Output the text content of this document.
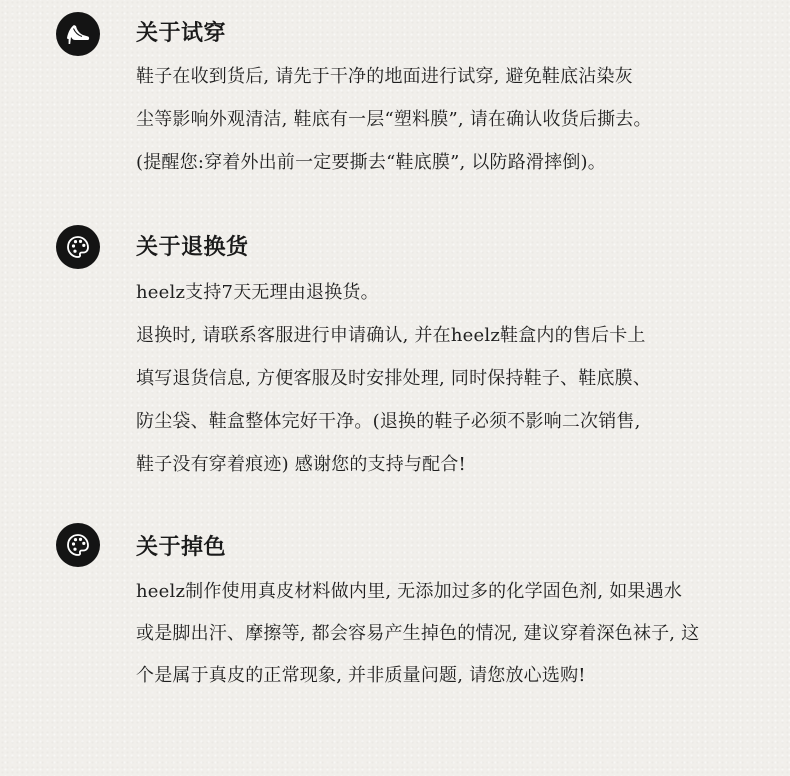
关于试穿
鞋子在收到货后, 请先于干净的地面进行试穿, 避免鞋底沾染灰
尘等影响外观清洁, 鞋底有一层“塑料膜”, 请在确认收货后撕去。
(提醒您:穿着外出前一定要撕去“鞋底膜”, 以防路滑摔倒)。
关于退换货
heelz支持7天无理由退换货。
退换时, 请联系客服进行申请确认, 并在heelz鞋盒内的售后卡上
填写退货信息, 方便客服及时安排处理, 同时保持鞋子、鞋底膜、
防尘袋、鞋盒整体完好干净。(退换的鞋子必须不影响二次销售,
鞋子没有穿着痕迹) 感谢您的支持与配合!
关于掉色
heelz制作使用真皮材料做内里, 无添加过多的化学固色剂, 如果遇水
或是脚出汗、摩擦等, 都会容易产生掉色的情况, 建议穿着深色袜子, 这
个是属于真皮的正常现象, 并非质量问题, 请您放心选购!
